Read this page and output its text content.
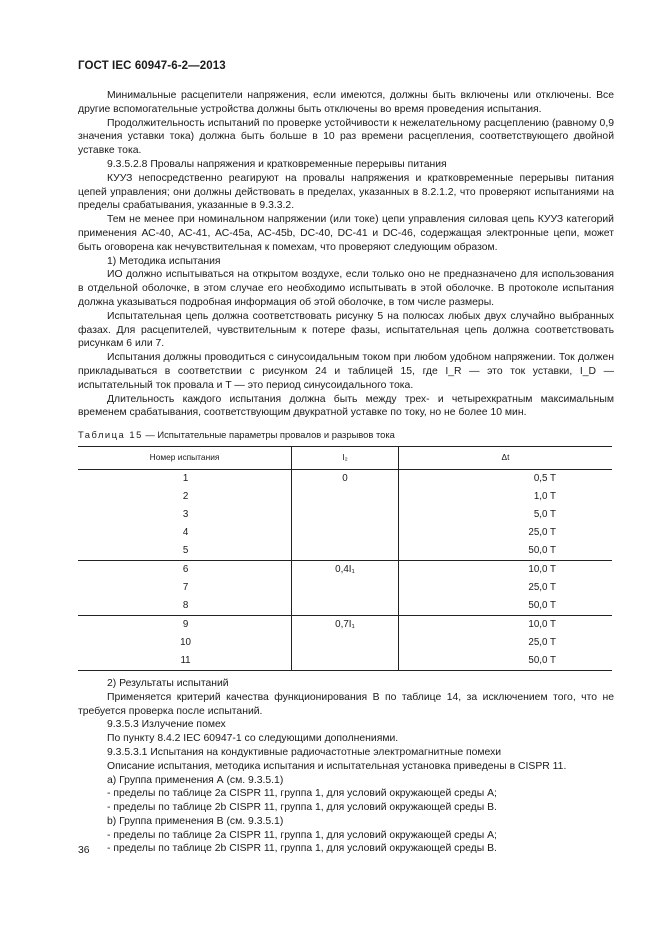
ГОСТ IEC 60947-6-2—2013

Минимальные расцепители напряжения, если имеются, должны быть включены или отключены. Все другие вспомогательные устройства должны быть отключены во время проведения испытания.

Продолжительность испытаний по проверке устойчивости к нежелательному расцеплению (равному 0,9 значения уставки тока) должна быть больше в 10 раз времени расцепления, соответствующего двойной уставке тока.

9.3.5.2.8 Провалы напряжения и кратковременные перерывы питания

КУУЗ непосредственно реагируют на провалы напряжения и кратковременные перерывы питания цепей управления; они должны действовать в пределах, указанных в 8.2.1.2, что проверяют испытаниями на пределы срабатывания, указанные в 9.3.3.2.

Тем не менее при номинальном напряжении (или токе) цепи управления силовая цепь КУУЗ категорий применения АС-40, АС-41, АС-45а, АС-45b, DC-40, DC-41 и DC-46, содержащая электронные цепи, может быть оговорена как нечувствительная к помехам, что проверяют следующим образом.

1) Методика испытания

ИО должно испытываться на открытом воздухе, если только оно не предназначено для использования в отдельной оболочке, в этом случае его необходимо испытывать в этой оболочке. В протоколе испытания должна указываться подробная информация об этой оболочке, в том числе размеры.

Испытательная цепь должна соответствовать рисунку 5 на полюсах любых двух случайно выбранных фазах. Для расцепителей, чувствительным к потере фазы, испытательная цепь должна соответствовать рисункам 6 или 7.

Испытания должны проводиться с синусоидальным током при любом удобном напряжении. Ток должен прикладываться в соответствии с рисунком 24 и таблицей 15, где I_R — это ток уставки, I_D — испытательный ток провала и T — это период синусоидального тока.

Длительность каждого испытания должна быть между трех- и четырехкратным максимальным временем срабатывания, соответствующим двукратной уставке по току, но не более 10 мин.

Таблица 15 — Испытательные параметры провалов и разрывов тока
Номер испытания	I₂	Δt
1	0	0,5 T
2		1,0 T
3		5,0 T
4		25,0 T
5		50,0 T
6	0,4I₁	10,0 T
7		25,0 T
8		50,0 T
9	0,7I₁	10,0 T
10		25,0 T
11		50,0 T

2) Результаты испытаний

Применяется критерий качества функционирования В по таблице 14, за исключением того, что не требуется проверка после испытаний.

9.3.5.3 Излучение помех

По пункту 8.4.2 IEC 60947-1 со следующими дополнениями.

9.3.5.3.1 Испытания на кондуктивные радиочастотные электромагнитные помехи

Описание испытания, методика испытания и испытательная установка приведены в CISPR 11.

а) Группа применения А (см. 9.3.5.1)

- пределы по таблице 2а CISPR 11, группа 1, для условий окружающей среды А;

- пределы по таблице 2b CISPR 11, группа 1, для условий окружающей среды В.

b) Группа применения В (см. 9.3.5.1)

- пределы по таблице 2а CISPR 11, группа 1, для условий окружающей среды А;

- пределы по таблице 2b CISPR 11, группа 1, для условий окружающей среды В.

36
